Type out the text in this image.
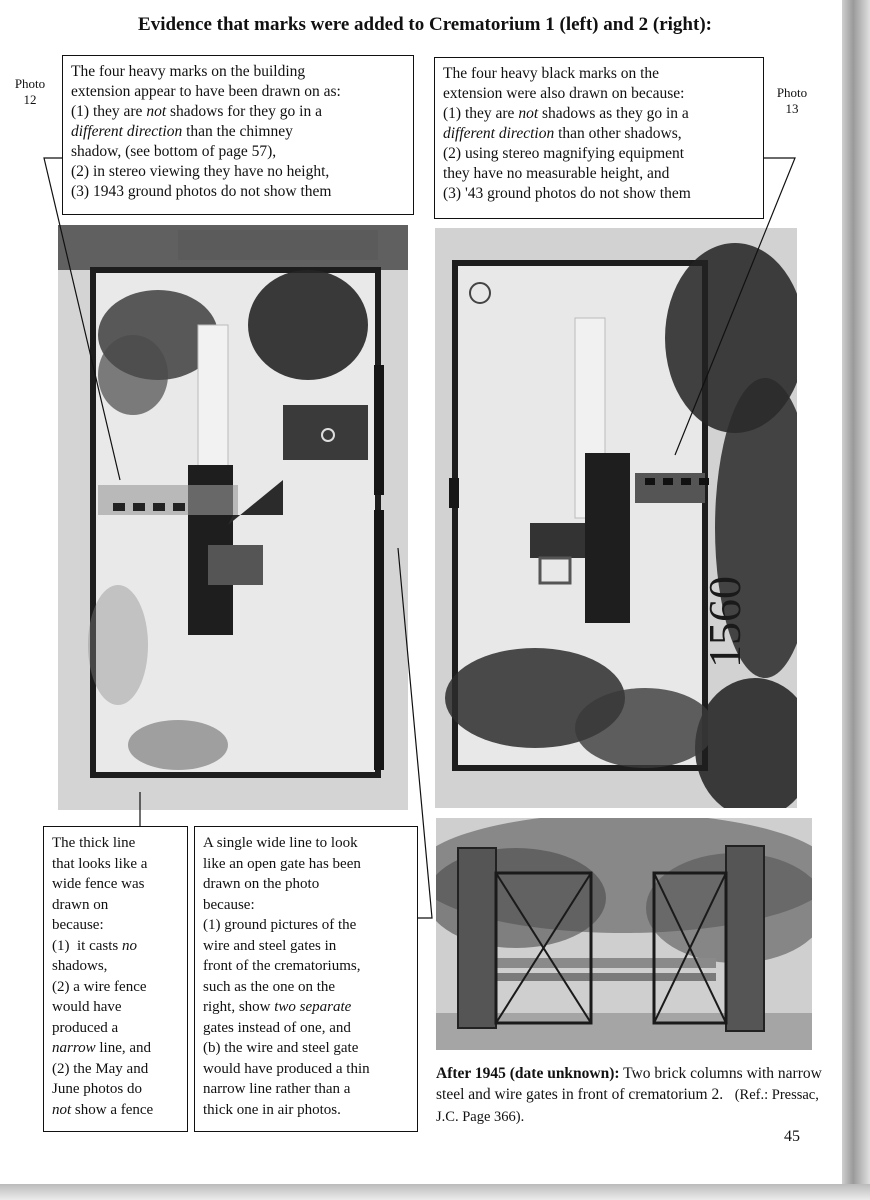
Evidence that marks were added to Crematorium 1 (left) and 2 (right):
Photo
12	Photo
13
The four heavy marks on the building
extension appear to have been drawn on as:
(1) they are not shadows for they go in a
different direction than the chimney
shadow, (see bottom of page 57),
(2) in stereo viewing they have no height,
(3) 1943 ground photos do not show them
The four heavy black marks on the
extension were also drawn on because:
(1) they are not shadows as they go in a
different direction than other shadows,
(2) using stereo magnifying equipment
they have no measurable height, and
(3) '43 ground photos do not show them
1560
The thick line
that looks like a
wide fence was
drawn on
because:
(1)  it casts no
shadows,
(2) a wire fence
would have
produced a
narrow line, and
(2) the May and
June photos do
not show a fence
A single wide line to look
like an open gate has been
drawn on the photo
because:
(1) ground pictures of the
wire and steel gates in
front of the crematoriums,
such as the one on the
right, show two separate
gates instead of one, and
(b) the wire and steel gate
would have produced a thin
narrow line rather than a
thick one in air photos.
After 1945 (date unknown): Two brick columns with narrow steel and wire gates in front of crematorium 2. (Ref.: Pressac, J.C. Page 366).
45
